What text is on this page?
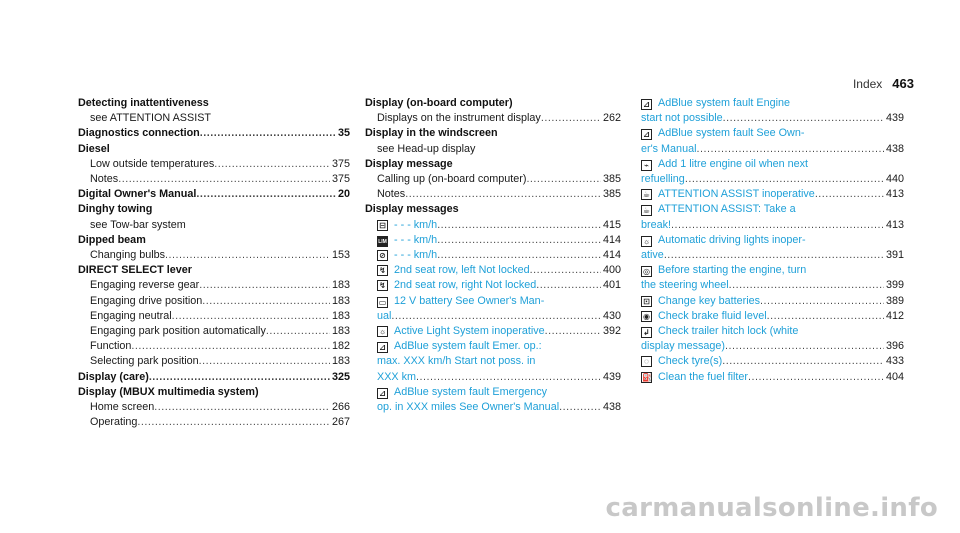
Index 463
Detecting inattentiveness
see ATTENTION ASSIST
Diagnostics connection .....	35
Diesel
Low outside temperatures .....	375
Notes .....	375
Digital Owner's Manual .....	20
Dinghy towing
see Tow-bar system
Dipped beam
Changing bulbs .....	153
DIRECT SELECT lever
Engaging reverse gear .....	183
Engaging drive position .....	183
Engaging neutral .....	183
Engaging park position automatically .....	183
Function .....	182
Selecting park position .....	183
Display (care) .....	325
Display (MBUX multimedia system)
Home screen .....	266
Operating .....	267
Display (on-board computer)
Displays on the instrument display .....	262
Display in the windscreen
see Head-up display
Display message
Calling up (on-board computer) .....	385
Notes .....	385
Display messages
⊟ - - - km/h .....	415
LIM - - - km/h .....	414
⊘ - - - km/h .....	414
↯ 2nd seat row, left Not locked .....	400
↯ 2nd seat row, right Not locked .....	401
▭ 12 V battery See Owner's Man-
ual .....	430
☼ Active Light System inoperative .....	392
⊿ AdBlue system fault Emer. op.:
max. XXX km/h Start not poss. in
XXX km .....	439
⊿ AdBlue system fault Emergency
op. in XXX miles See Owner's Manual .....	438
⊿ AdBlue system fault Engine
start not possible .....	439
⊿ AdBlue system fault See Own-
er's Manual .....	438
⌁ Add 1 litre engine oil when next
refuelling .....	440
☕ ATTENTION ASSIST inoperative .....	413
☕ ATTENTION ASSIST: Take a
break! .....	413
☼ Automatic driving lights inoper-
ative .....	391
◎ Before starting the engine, turn
the steering wheel .....	399
⊡ Change key batteries .....	389
◉ Check brake fluid level .....	412
↲ Check trailer hitch lock (white
display message) .....	396
◌ Check tyre(s) .....	433
⛽ Clean the fuel filter .....	404
carmanualsonline.info
